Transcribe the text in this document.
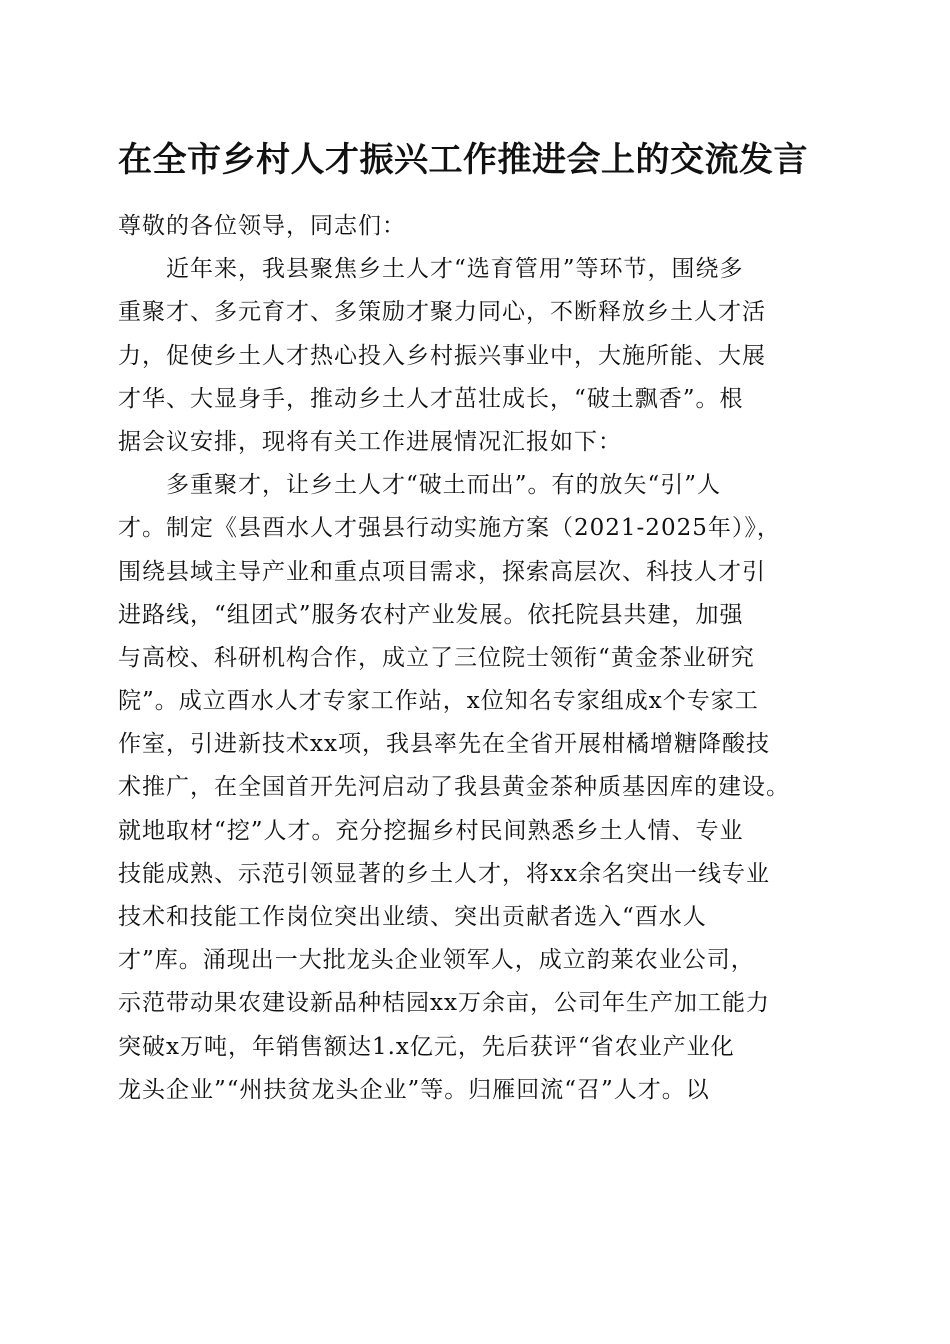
在全市乡村人才振兴工作推进会上的交流发言
尊敬的各位领导，同志们：
近年来，我县聚焦乡土人才“选育管用”等环节，围绕多
重聚才、多元育才、多策励才聚力同心，不断释放乡土人才活
力，促使乡土人才热心投入乡村振兴事业中，大施所能、大展
才华、大显身手，推动乡土人才茁壮成长，“破土飘香”。根
据会议安排，现将有关工作进展情况汇报如下：
多重聚才，让乡土人才“破土而出”。有的放矢“引”人
才。制定《县酉水人才强县行动实施方案（2021-2025年）》，
围绕县域主导产业和重点项目需求，探索高层次、科技人才引
进路线，“组团式”服务农村产业发展。依托院县共建，加强
与高校、科研机构合作，成立了三位院士领衔“黄金茶业研究
院”。成立酉水人才专家工作站，x位知名专家组成x个专家工
作室，引进新技术xx项，我县率先在全省开展柑橘增糖降酸技
术推广，在全国首开先河启动了我县黄金茶种质基因库的建设。
就地取材“挖”人才。充分挖掘乡村民间熟悉乡土人情、专业
技能成熟、示范引领显著的乡土人才，将xx余名突出一线专业
技术和技能工作岗位突出业绩、突出贡献者选入“酉水人
才”库。涌现出一大批龙头企业领军人，成立韵莱农业公司，
示范带动果农建设新品种桔园xx万余亩，公司年生产加工能力
突破x万吨，年销售额达1.x亿元，先后获评“省农业产业化
龙头企业”“州扶贫龙头企业”等。归雁回流“召”人才。以
